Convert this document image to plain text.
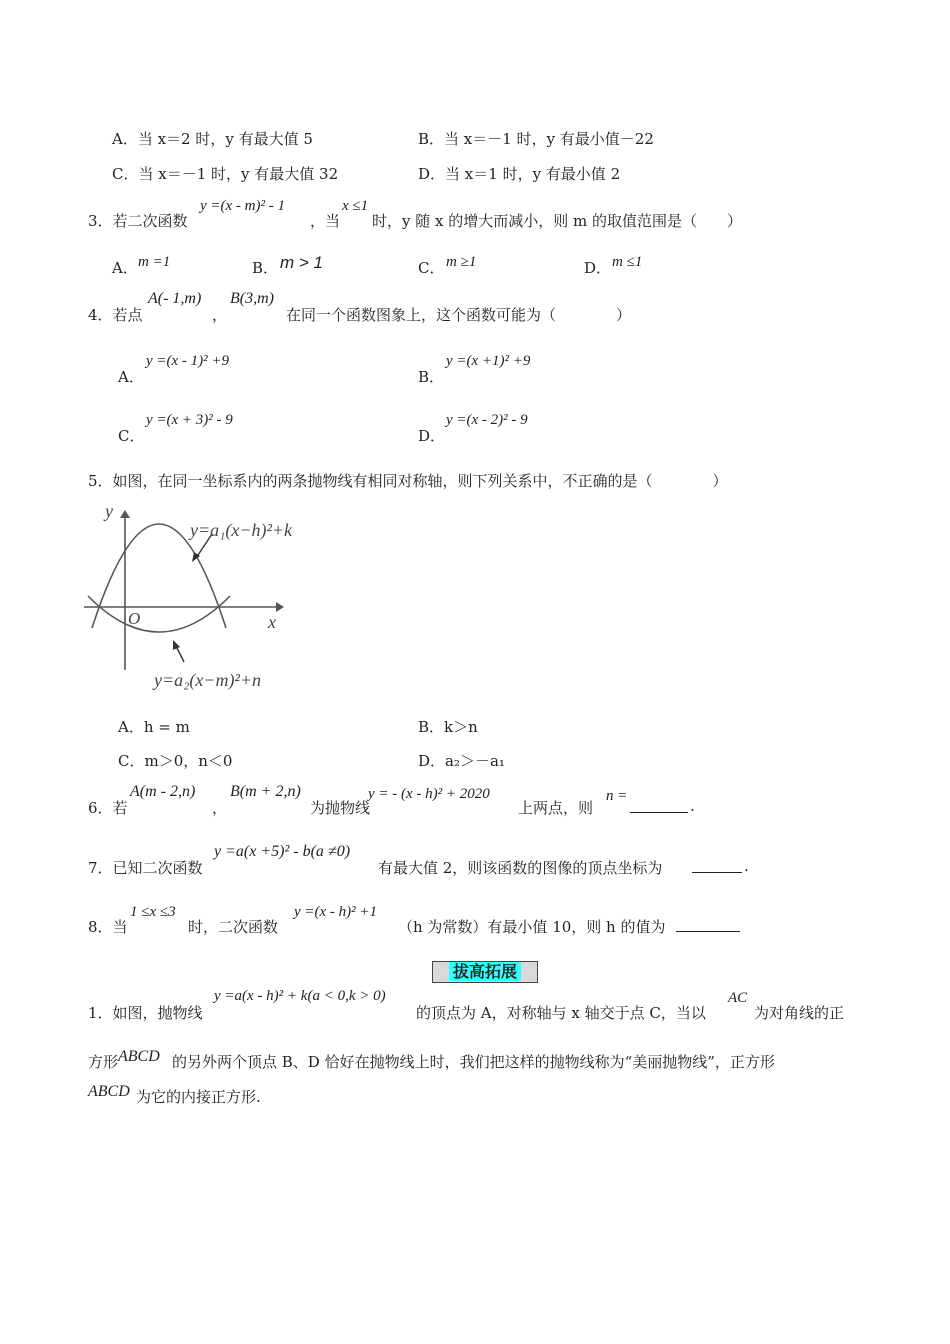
A．当 x＝2 时，y 有最大值 5	B．当 x＝－1 时，y 有最小值－22
C．当 x＝－1 时，y 有最大值 32	D．当 x＝1 时，y 有最小值 2
3．若二次函数
y =(x - m)² - 1
，当
x ≤1
时，y 随 x 的增大而减小，则 m 的取值范围是（　　）
A． m =1	B． m > 1	C． m ≥1	D． m ≤1
4．若点
A(- 1,m)
，
B(3,m)
在同一个函数图象上，这个函数可能为（　　　　）
A．
y =(x - 1)² +9
B．
y =(x +1)² +9
C．
y =(x + 3)² - 9
D．
y =(x - 2)² - 9
5．如图，在同一坐标系内的两条抛物线有相同对称轴，则下列关系中，不正确的是（　　　　）
y
x
O
y=a₁(x−h)²+k
y=a₂(x−m)²+n
A．h = m	B．k＞n
C．m＞0，n＜0	D．a₂＞－a₁
6．若
A(m - 2,n)
，
B(m + 2,n)
为抛物线
y = - (x - h)² + 2020
上两点，则
n =
.
7．已知二次函数
y =a(x +5)² - b(a ≠0)
有最大值 2，则该函数的图像的顶点坐标为	.
8．当
1 ≤x ≤3
时，二次函数
y =(x - h)² +1
（h 为常数）有最小值 10，则 h 的值为
拔高拓展
1．如图，抛物线
y =a(x - h)² + k(a < 0,k > 0)
的顶点为 A，对称轴与 x 轴交于点 C，当以
AC
为对角线的正
方形 ABCD 的另外两个顶点 B、D 恰好在抛物线上时，我们把这样的抛物线称为“美丽抛物线”，正方形
ABCD 为它的内接正方形.
